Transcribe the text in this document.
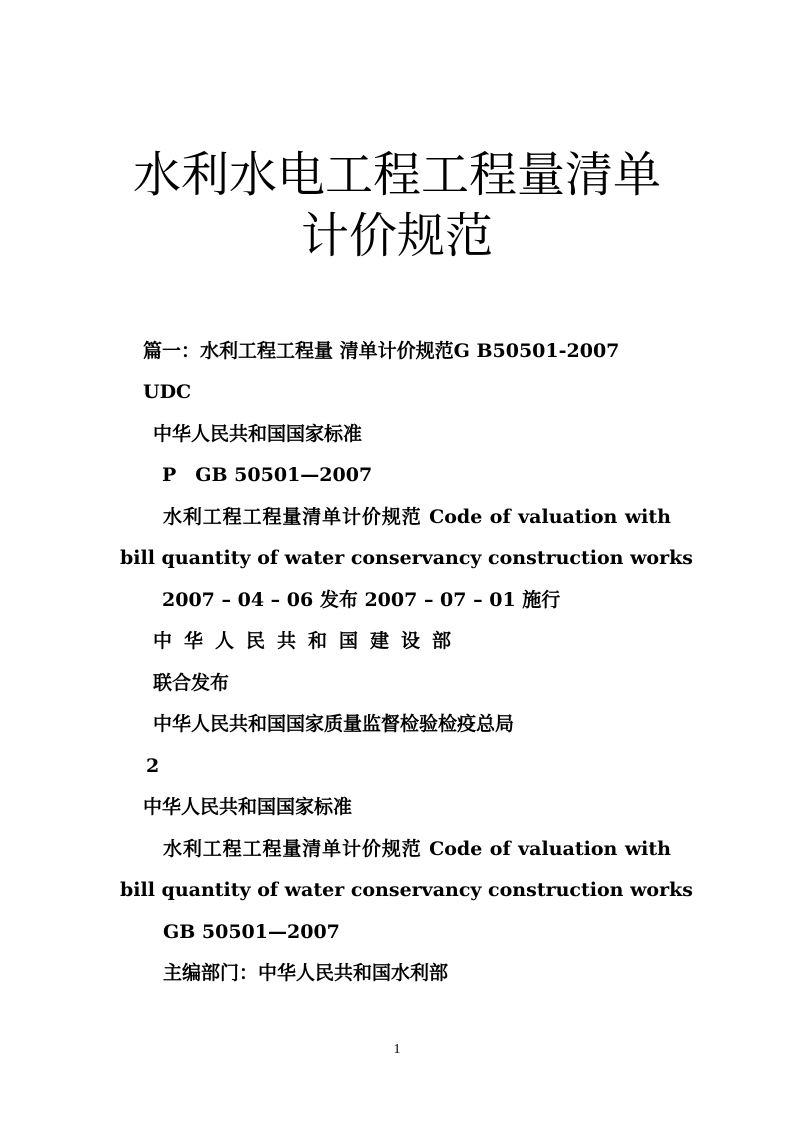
水利水电工程工程量清单
计价规范
篇一：水利工程工程量 清单计价规范G B50501-2007
UDC
中华人民共和国国家标准
P　GB 50501—2007
水利工程工程量清单计价规范 Code of valuation with
bill quantity of water conservancy construction works
2007 – 04 – 06 发布 2007 – 07 – 01 施行
中华人民共和国建设部
联合发布
中华人民共和国国家质量监督检验检疫总局
2
中华人民共和国国家标准
水利工程工程量清单计价规范 Code of valuation with
bill quantity of water conservancy construction works
GB 50501—2007
主编部门：中华人民共和国水利部
1
